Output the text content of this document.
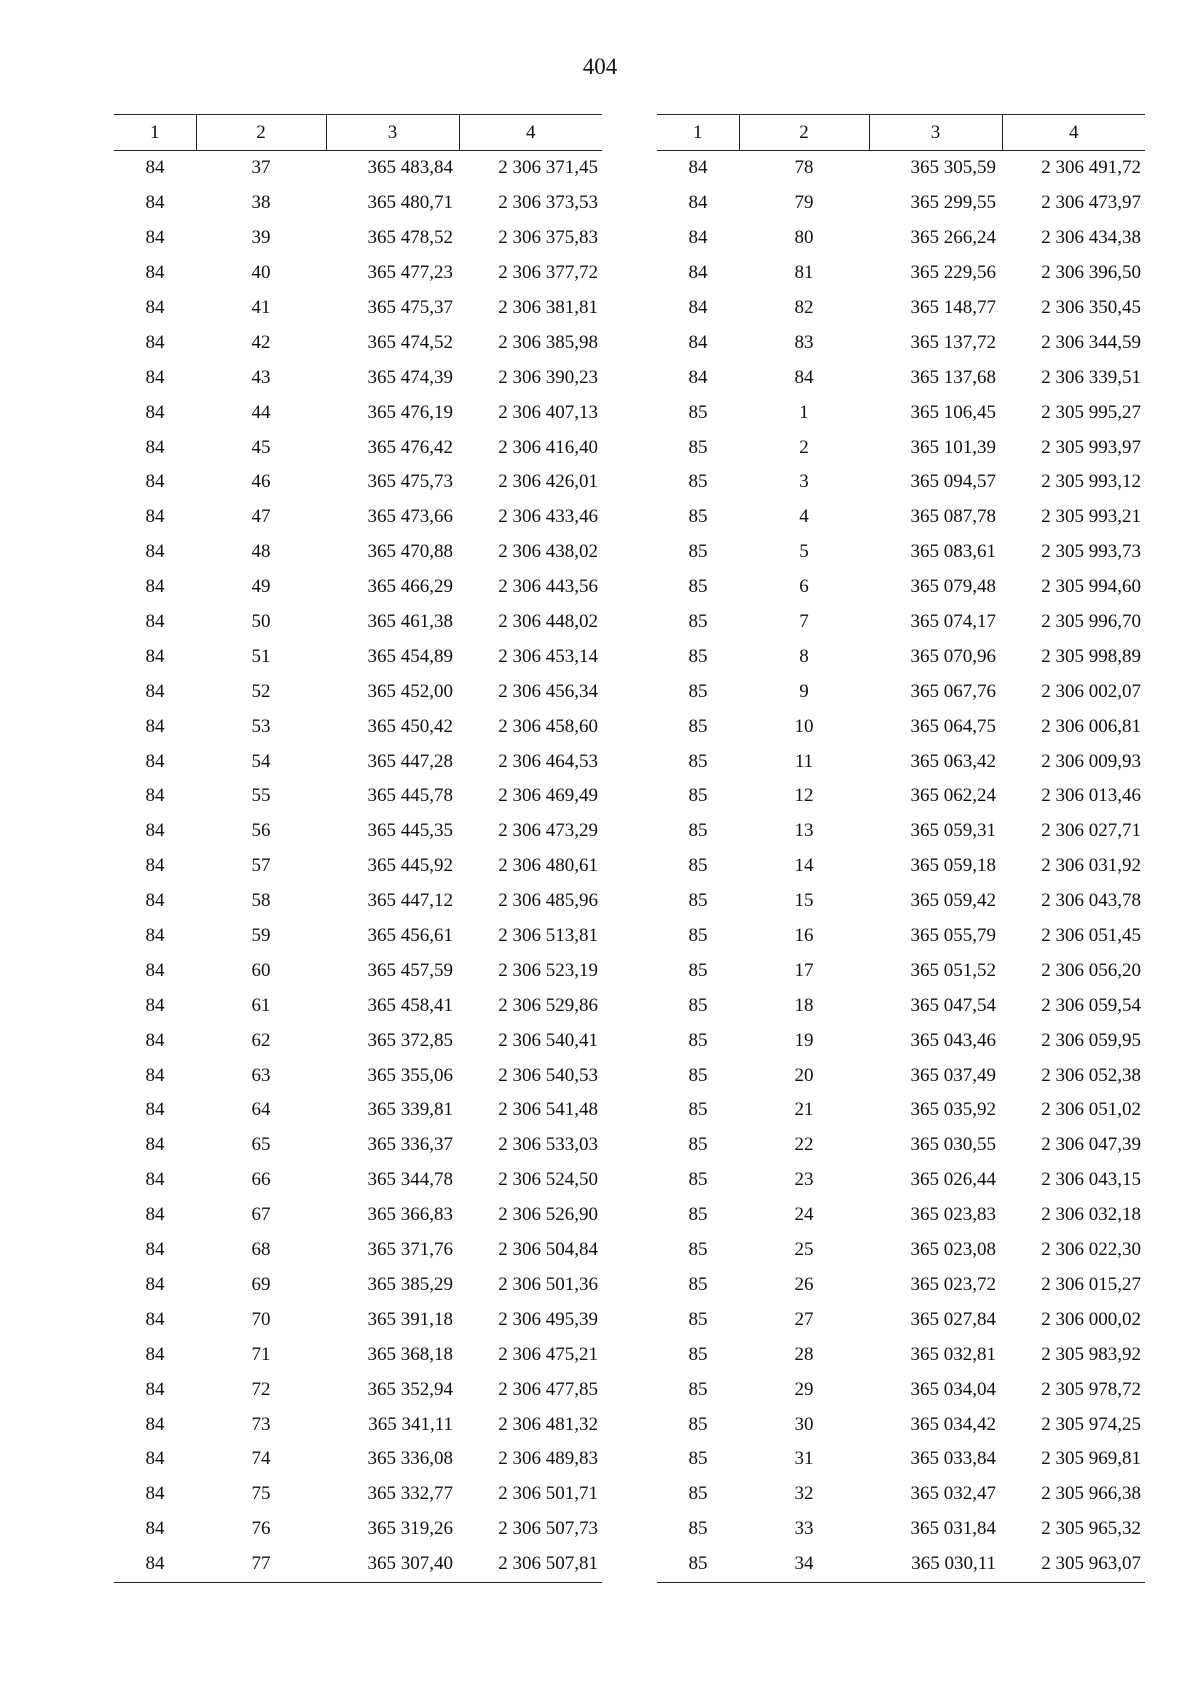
404
1	2	3	4
84	37	365 483,84	2 306 371,45
84	38	365 480,71	2 306 373,53
84	39	365 478,52	2 306 375,83
84	40	365 477,23	2 306 377,72
84	41	365 475,37	2 306 381,81
84	42	365 474,52	2 306 385,98
84	43	365 474,39	2 306 390,23
84	44	365 476,19	2 306 407,13
84	45	365 476,42	2 306 416,40
84	46	365 475,73	2 306 426,01
84	47	365 473,66	2 306 433,46
84	48	365 470,88	2 306 438,02
84	49	365 466,29	2 306 443,56
84	50	365 461,38	2 306 448,02
84	51	365 454,89	2 306 453,14
84	52	365 452,00	2 306 456,34
84	53	365 450,42	2 306 458,60
84	54	365 447,28	2 306 464,53
84	55	365 445,78	2 306 469,49
84	56	365 445,35	2 306 473,29
84	57	365 445,92	2 306 480,61
84	58	365 447,12	2 306 485,96
84	59	365 456,61	2 306 513,81
84	60	365 457,59	2 306 523,19
84	61	365 458,41	2 306 529,86
84	62	365 372,85	2 306 540,41
84	63	365 355,06	2 306 540,53
84	64	365 339,81	2 306 541,48
84	65	365 336,37	2 306 533,03
84	66	365 344,78	2 306 524,50
84	67	365 366,83	2 306 526,90
84	68	365 371,76	2 306 504,84
84	69	365 385,29	2 306 501,36
84	70	365 391,18	2 306 495,39
84	71	365 368,18	2 306 475,21
84	72	365 352,94	2 306 477,85
84	73	365 341,11	2 306 481,32
84	74	365 336,08	2 306 489,83
84	75	365 332,77	2 306 501,71
84	76	365 319,26	2 306 507,73
84	77	365 307,40	2 306 507,81
1	2	3	4
84	78	365 305,59	2 306 491,72
84	79	365 299,55	2 306 473,97
84	80	365 266,24	2 306 434,38
84	81	365 229,56	2 306 396,50
84	82	365 148,77	2 306 350,45
84	83	365 137,72	2 306 344,59
84	84	365 137,68	2 306 339,51
85	1	365 106,45	2 305 995,27
85	2	365 101,39	2 305 993,97
85	3	365 094,57	2 305 993,12
85	4	365 087,78	2 305 993,21
85	5	365 083,61	2 305 993,73
85	6	365 079,48	2 305 994,60
85	7	365 074,17	2 305 996,70
85	8	365 070,96	2 305 998,89
85	9	365 067,76	2 306 002,07
85	10	365 064,75	2 306 006,81
85	11	365 063,42	2 306 009,93
85	12	365 062,24	2 306 013,46
85	13	365 059,31	2 306 027,71
85	14	365 059,18	2 306 031,92
85	15	365 059,42	2 306 043,78
85	16	365 055,79	2 306 051,45
85	17	365 051,52	2 306 056,20
85	18	365 047,54	2 306 059,54
85	19	365 043,46	2 306 059,95
85	20	365 037,49	2 306 052,38
85	21	365 035,92	2 306 051,02
85	22	365 030,55	2 306 047,39
85	23	365 026,44	2 306 043,15
85	24	365 023,83	2 306 032,18
85	25	365 023,08	2 306 022,30
85	26	365 023,72	2 306 015,27
85	27	365 027,84	2 306 000,02
85	28	365 032,81	2 305 983,92
85	29	365 034,04	2 305 978,72
85	30	365 034,42	2 305 974,25
85	31	365 033,84	2 305 969,81
85	32	365 032,47	2 305 966,38
85	33	365 031,84	2 305 965,32
85	34	365 030,11	2 305 963,07
